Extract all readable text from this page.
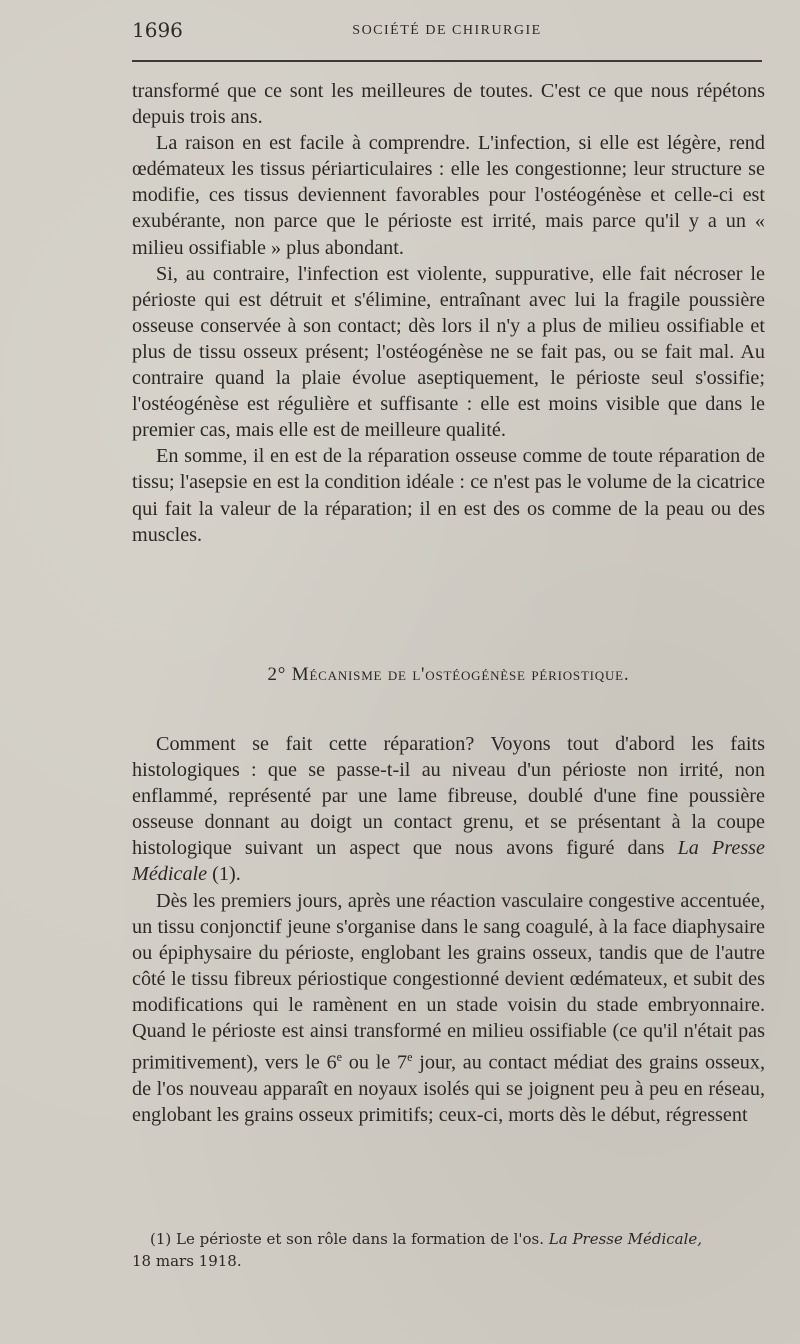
1696	SOCIÉTÉ DE CHIRURGIE

transformé que ce sont les meilleures de toutes. C'est ce que nous répétons depuis trois ans.

La raison en est facile à comprendre. L'infection, si elle est légère, rend œdémateux les tissus périarticulaires : elle les congestionne; leur structure se modifie, ces tissus deviennent favorables pour l'ostéogénèse et celle-ci est exubérante, non parce que le périoste est irrité, mais parce qu'il y a un « milieu ossifiable » plus abondant.

Si, au contraire, l'infection est violente, suppurative, elle fait nécroser le périoste qui est détruit et s'élimine, entraînant avec lui la fragile poussière osseuse conservée à son contact; dès lors il n'y a plus de milieu ossifiable et plus de tissu osseux présent; l'ostéogénèse ne se fait pas, ou se fait mal. Au contraire quand la plaie évolue aseptiquement, le périoste seul s'ossifie; l'ostéogénèse est régulière et suffisante : elle est moins visible que dans le premier cas, mais elle est de meilleure qualité.

En somme, il en est de la réparation osseuse comme de toute réparation de tissu; l'asepsie en est la condition idéale : ce n'est pas le volume de la cicatrice qui fait la valeur de la réparation; il en est des os comme de la peau ou des muscles.

2° Mécanisme de l'ostéogénèse périostique.

Comment se fait cette réparation? Voyons tout d'abord les faits histologiques : que se passe-t-il au niveau d'un périoste non irrité, non enflammé, représenté par une lame fibreuse, doublé d'une fine poussière osseuse donnant au doigt un contact grenu, et se présentant à la coupe histologique suivant un aspect que nous avons figuré dans La Presse Médicale (1).

Dès les premiers jours, après une réaction vasculaire congestive accentuée, un tissu conjonctif jeune s'organise dans le sang coagulé, à la face diaphysaire ou épiphysaire du périoste, englobant les grains osseux, tandis que de l'autre côté le tissu fibreux périostique congestionné devient œdémateux, et subit des modifications qui le ramènent en un stade voisin du stade embryonnaire. Quand le périoste est ainsi transformé en milieu ossifiable (ce qu'il n'était pas primitivement), vers le 6e ou le 7e jour, au contact médiat des grains osseux, de l'os nouveau apparaît en noyaux isolés qui se joignent peu à peu en réseau, englobant les grains osseux primitifs; ceux-ci, morts dès le début, régressent

(1) Le périoste et son rôle dans la formation de l'os. La Presse Médicale,
18 mars 1918.
